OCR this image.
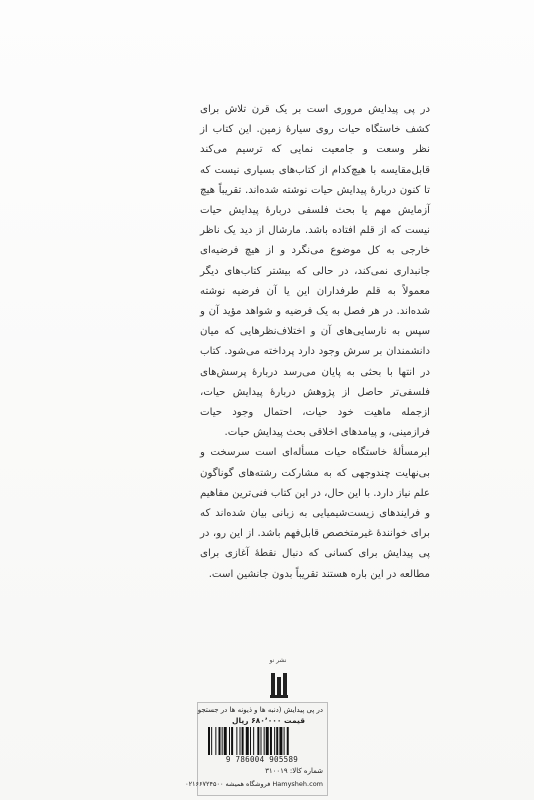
در پی پیدایش مروری است بر یک قرن تلاش برای کشف خاستگاه حیات روی سیارهٔ زمین. این کتاب از نظر وسعت و جامعیت نمایی که ترسیم می‌کند قابل‌مقایسه با هیچ‌کدام از کتاب‌های بسیاری نیست که تا کنون دربارهٔ پیدایش حیات نوشته شده‌اند. تقریباً هیچ آزمایش مهم یا بحث فلسفی دربارهٔ پیدایش حیات نیست که از قلم افتاده باشد. مارشال از دید یک ناظر خارجی به کل موضوع می‌نگرد و از هیچ فرضیه‌ای جانبداری نمی‌کند، در حالی که بیشتر کتاب‌های دیگر معمولاً به قلم طرفداران این یا آن فرضیه نوشته شده‌اند. در هر فصل به یک فرضیه و شواهد مؤید آن و سپس به نارسایی‌های آن و اختلاف‌نظرهایی که میان دانشمندان بر سرش وجود دارد پرداخته می‌شود. کتاب در انتها با بحثی به پایان می‌رسد دربارهٔ پرسش‌های فلسفی‌تر حاصل از پژوهش دربارهٔ پیدایش حیات، ازجمله ماهیت خود حیات، احتمال وجود حیات فرازمینی، و پیامدهای اخلاقی بحث پیدایش حیات.

ابرمسألهٔ خاستگاه حیات مسأله‌ای است سرسخت و بی‌نهایت چندوجهی که به مشارکت رشته‌های گوناگون علم نیاز دارد. با این حال، در این کتاب فنی‌ترین مفاهیم و فرایندهای زیست‌شیمیایی به زبانی بیان شده‌اند که برای خوانندهٔ غیرمتخصص قابل‌فهم باشد. از این رو، در پی پیدایش برای کسانی که دنبال نقطهٔ آغازی برای مطالعه در این باره هستند تقریباً بدون جانشین است.

نشر نو
در پی پیدایش (دنبه ها و ذیونه ها در جستجو
قیمت ۶۸۰٬۰۰۰ ریال
9 786004 905589
شماره کالا: ۳۱۰۰۱۹
Hamysheh.com فروشگاه همیشه ۰۲۱۶۶۷۲۴۵۰۰
